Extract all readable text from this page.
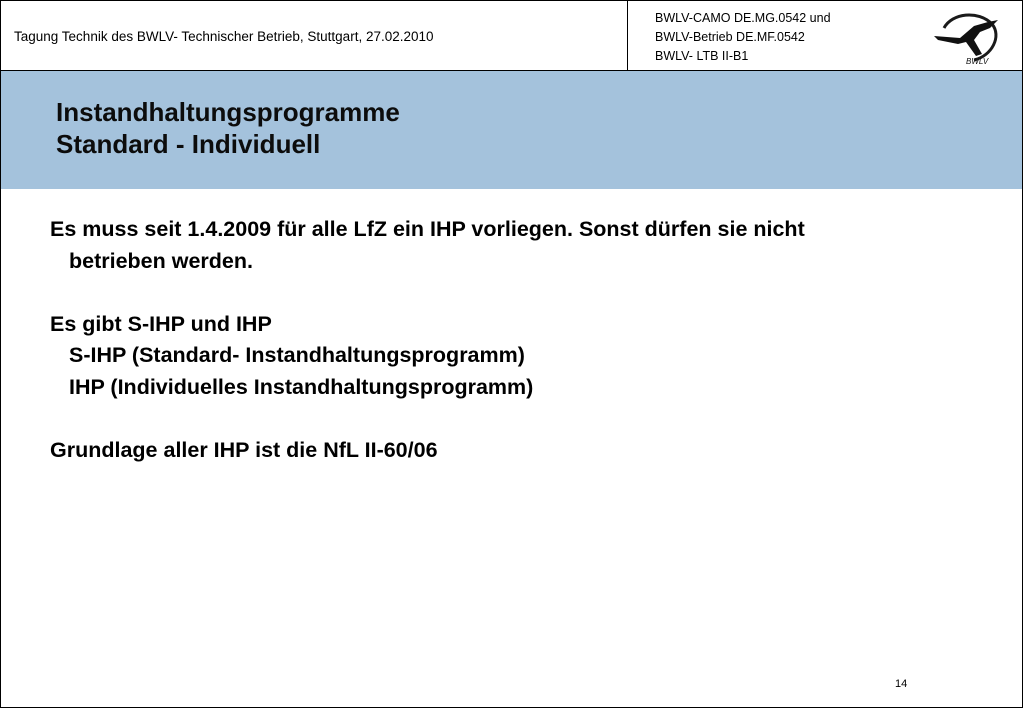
Tagung Technik des BWLV- Technischer Betrieb, Stuttgart, 27.02.2010
BWLV-CAMO DE.MG.0542 und
BWLV-Betrieb DE.MF.0542
BWLV- LTB II-B1	BWLV
Instandhaltungsprogramme
Standard - Individuell

Es muss seit 1.4.2009 für alle LfZ ein IHP vorliegen. Sonst dürfen sie nicht

betrieben werden.

Es gibt S-IHP und IHP

S-IHP (Standard- Instandhaltungsprogramm)

IHP (Individuelles Instandhaltungsprogramm)

Grundlage aller IHP ist die NfL II-60/06

14
